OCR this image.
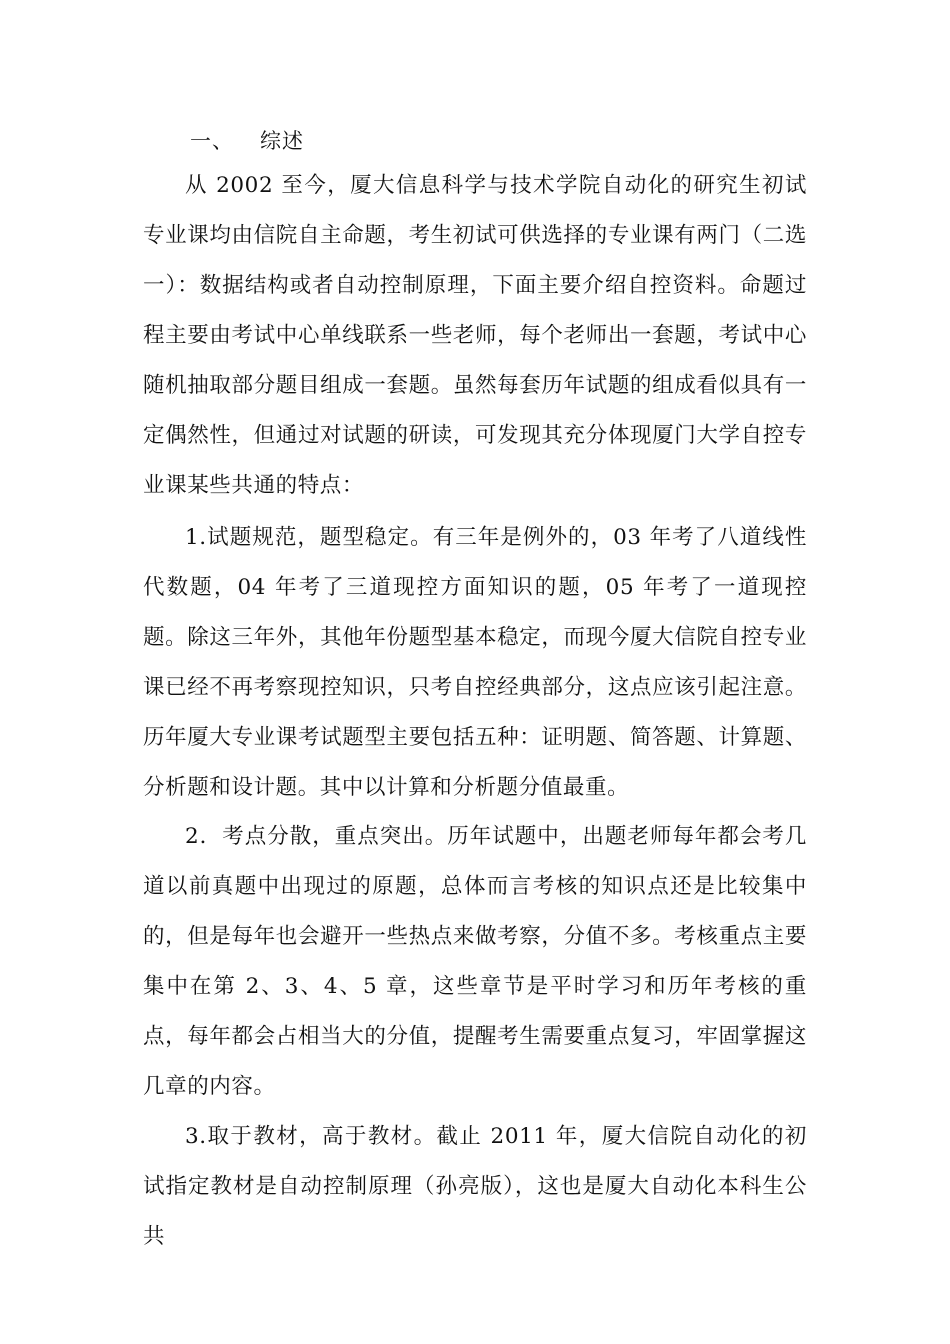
一、 综述

从 2002 至今，厦大信息科学与技术学院自动化的研究生初试专业课均由信院自主命题，考生初试可供选择的专业课有两门（二选一）：数据结构或者自动控制原理，下面主要介绍自控资料。命题过程主要由考试中心单线联系一些老师，每个老师出一套题，考试中心随机抽取部分题目组成一套题。虽然每套历年试题的组成看似具有一定偶然性，但通过对试题的研读，可发现其充分体现厦门大学自控专业课某些共通的特点：

1.试题规范，题型稳定。有三年是例外的，03 年考了八道线性代数题，04 年考了三道现控方面知识的题，05 年考了一道现控题。除这三年外，其他年份题型基本稳定，而现今厦大信院自控专业课已经不再考察现控知识，只考自控经典部分，这点应该引起注意。历年厦大专业课考试题型主要包括五种：证明题、简答题、计算题、分析题和设计题。其中以计算和分析题分值最重。

2．考点分散，重点突出。历年试题中，出题老师每年都会考几道以前真题中出现过的原题，总体而言考核的知识点还是比较集中的，但是每年也会避开一些热点来做考察，分值不多。考核重点主要集中在第 2、3、4、5 章，这些章节是平时学习和历年考核的重点，每年都会占相当大的分值，提醒考生需要重点复习，牢固掌握这几章的内容。

3.取于教材，高于教材。截止 2011 年，厦大信院自动化的初试指定教材是自动控制原理（孙亮版），这也是厦大自动化本科生公共
